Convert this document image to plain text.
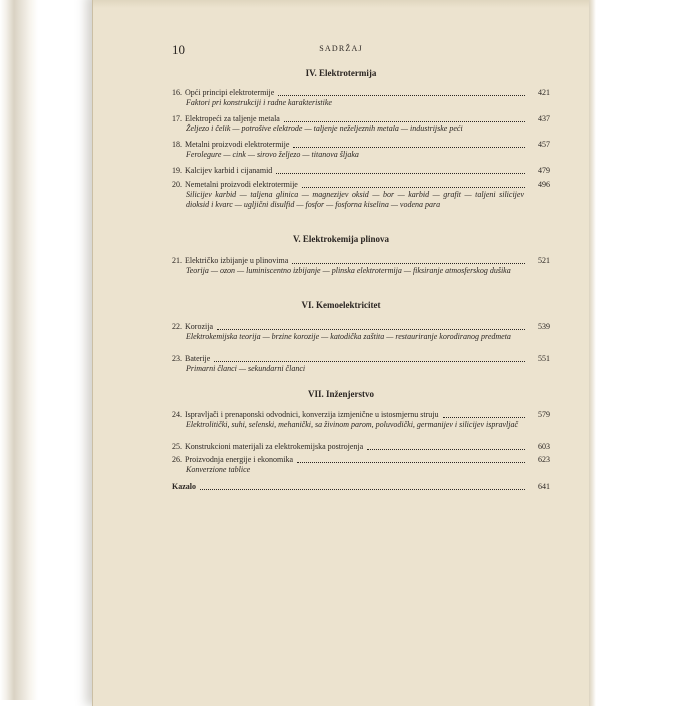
10	SADRŽAJ
IV. Elektrotermija
16. Opći principi elektrotermije	421
Faktori pri konstrukciji i radne karakteristike
17. Elektropeći za taljenje metala	437
Željezo i čelik — potrošive elektrode — taljenje neželjeznih metala — industrijske peći
18. Metalni proizvodi elektrotermije	457
Ferolegure — cink — sirovo željezo — titanova šljaka
19. Kalcijev karbid i cijanamid	479
20. Nemetalni proizvodi elektrotermije	496
Silicijev karbid — taljena glinica — magnezijev oksid — bor — karbid — grafit — taljeni silicijev dioksid i kvarc — ugljični disulfid — fosfor — fosforna kiselina — vodena para
V. Elektrokemija plinova
21. Električko izbijanje u plinovima	521
Teorija — ozon — luminiscentno izbijanje — plinska elektrotermija — fiksiranje atmosferskog dušika
VI. Kemoelektricitet
22. Korozija	539
Elektrokemijska teorija — brzine korozije — katodička zaštita — restauriranje korodiranog predmeta
23. Baterije	551
Primarni članci — sekundarni članci
VII. Inženjerstvo
24. Ispravljači i prenaponski odvodnici, konverzija izmjenične u istosmjernu struju	579
Elektrolitički, suhi, selenski, mehanički, sa živinom parom, poluvodički, germanijev i silicijev ispravljač
25. Konstrukcioni materijali za elektrokemijska postrojenja	603
26. Proizvodnja energije i ekonomika	623
Konverzione tablice
Kazalo	641
